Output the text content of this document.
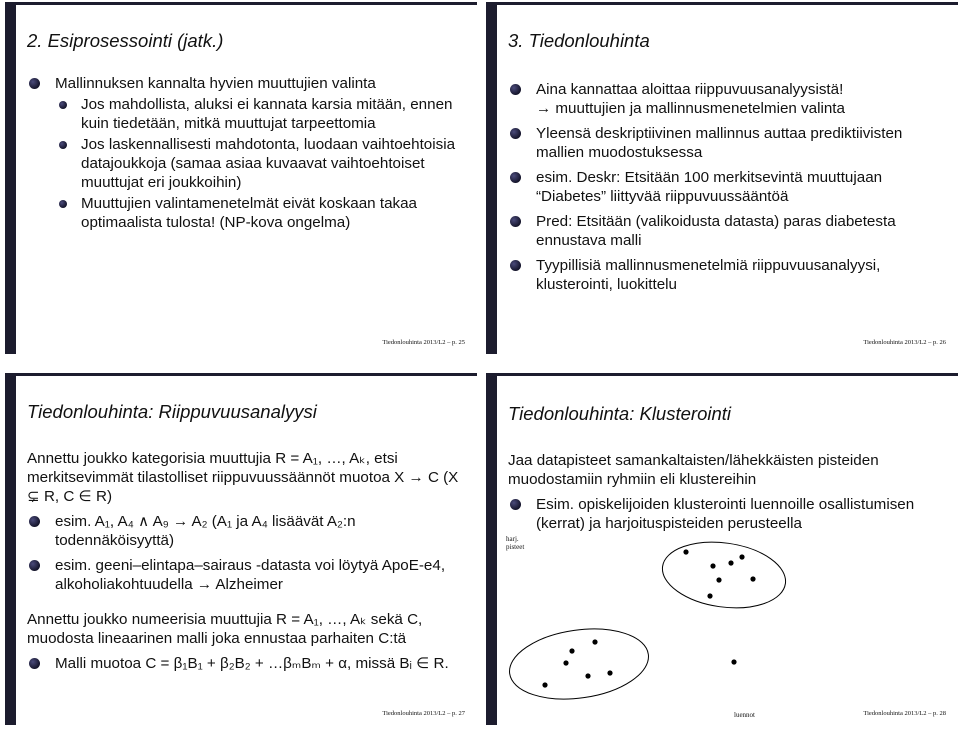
2. Esiprosessointi (jatk.)
Mallinnuksen kannalta hyvien muuttujien valinta
Jos mahdollista, aluksi ei kannata karsia mitään, ennen kuin tiedetään, mitkä muuttujat tarpeettomia
Jos laskennallisesti mahdotonta, luodaan vaihtoehtoisia datajoukkoja (samaa asiaa kuvaavat vaihtoehtoiset muuttujat eri joukkoihin)
Muuttujien valintamenetelmät eivät koskaan takaa optimaalista tulosta! (NP-kova ongelma)
Tiedonlouhinta 2013/L2 – p. 25
3. Tiedonlouhinta
Aina kannattaa aloittaa riippuvuusanalyysistä!
→ muuttujien ja mallinnusmenetelmien valinta
Yleensä deskriptiivinen mallinnus auttaa prediktiivisten mallien muodostuksessa
esim. Deskr: Etsitään 100 merkitsevintä muuttujaan “Diabetes” liittyvää riippuvuussääntöä
Pred: Etsitään (valikoidusta datasta) paras diabetesta ennustava malli
Tyypillisiä mallinnusmenetelmiä riippuvuusanalyysi, klusterointi, luokittelu
Tiedonlouhinta 2013/L2 – p. 26
Tiedonlouhinta: Riippuvuusanalyysi
Annettu joukko kategorisia muuttujia R = A₁, …, Aₖ, etsi merkitsevimmät tilastolliset riippuvuussäännöt muotoa X → C (X ⊊ R, C ∈ R)
esim. A₁, A₄ ∧ A₉ → A₂ (A₁ ja A₄ lisäävät A₂:n todennäköisyyttä)
esim. geeni–elintapa–sairaus -datasta voi löytyä ApoE-e4, alkoholiakohtuudella → Alzheimer
Annettu joukko numeerisia muuttujia R = A₁, …, Aₖ sekä C, muodosta lineaarinen malli joka ennustaa parhaiten C:tä
Malli muotoa C = β₁B₁ + β₂B₂ + …βₘBₘ + α, missä Bᵢ ∈ R.
Tiedonlouhinta 2013/L2 – p. 27
Tiedonlouhinta: Klusterointi
Jaa datapisteet samankaltaisten/lähekkäisten pisteiden muodostamiin ryhmiin eli klustereihin
Esim. opiskelijoiden klusterointi luennoille osallistumisen (kerrat) ja harjoituspisteiden perusteella
harj.
pisteet
luennot	Tiedonlouhinta 2013/L2 – p. 28
